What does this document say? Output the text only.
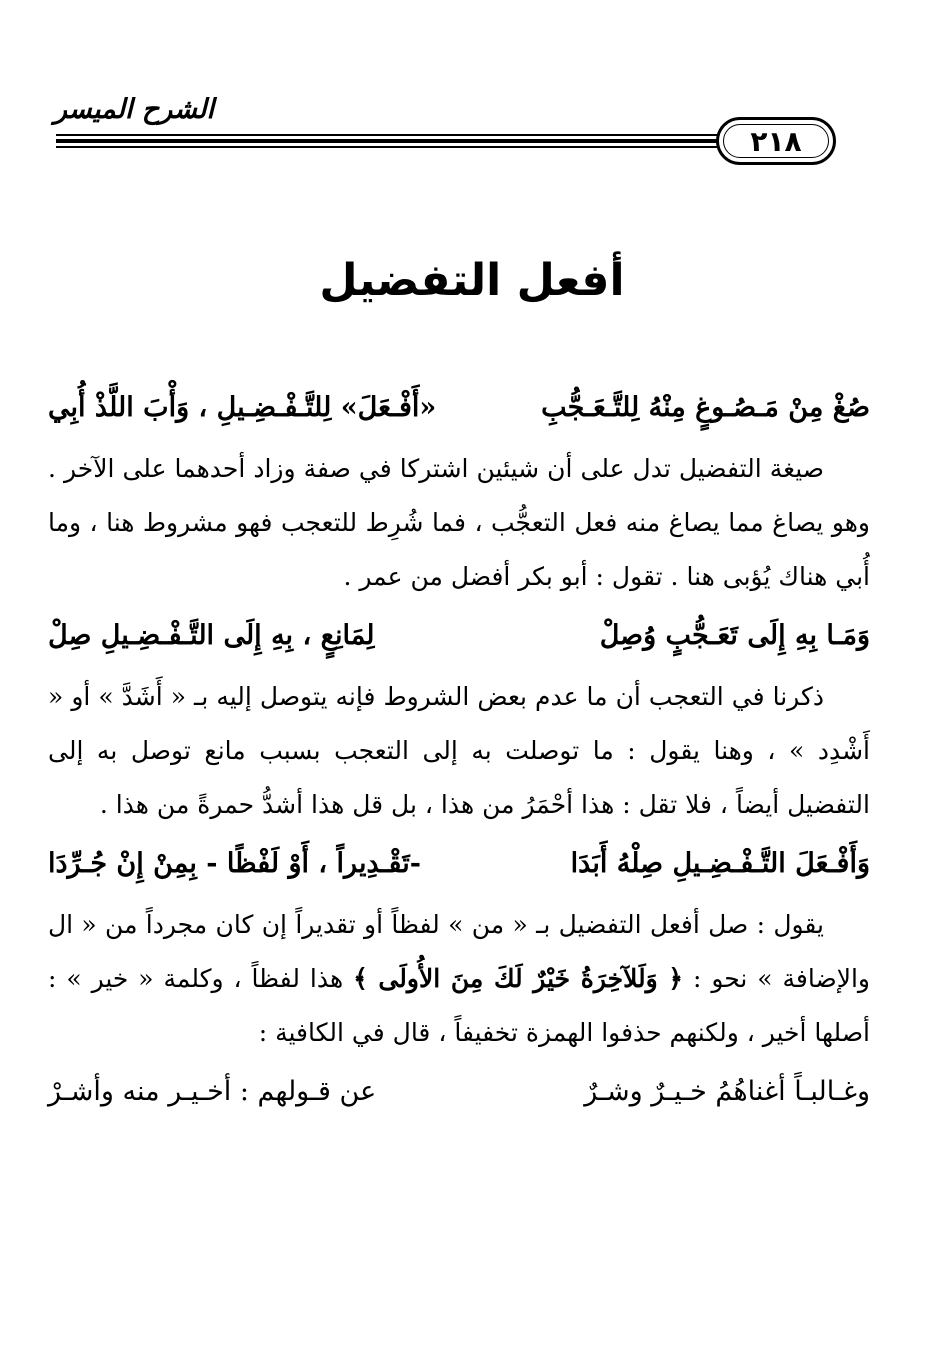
الشرح الميسر
٢١٨
أفعل التفضيل
صُغْ مِنْ مَـصُـوغٍ مِنْهُ لِلتَّـعَـجُّبِ
«أَفْـعَلَ» لِلتَّـفْـضِـيلِ ، وَأْبَ اللَّذْ أُبِي

صيغة التفضيل تدل على أن شيئين اشتركا في صفة وزاد أحدهما على الآخر . وهو يصاغ مما يصاغ منه فعل التعجُّب ، فما شُرِط للتعجب فهو مشروط هنا ، وما أُبي هناك يُؤبى هنا . تقول : أبو بكر أفضل من عمر .

وَمَـا بِهِ إِلَى تَعَـجُّبٍ وُصِلْ
لِمَانِعٍ ، بِهِ إِلَى التَّـفْـضِـيلِ صِلْ

ذكرنا في التعجب أن ما عدم بعض الشروط فإنه يتوصل إليه بـ « أَشَدَّ » أو « أَشْدِد » ، وهنا يقول : ما توصلت به إلى التعجب بسبب مانع توصل به إلى التفضيل أيضاً ، فلا تقل : هذا أحْمَرُ من هذا ، بل قل هذا أشدُّ حمرةً من هذا .

وَأَفْـعَلَ التَّـفْـضِـيلِ صِلْهُ أَبَدَا
-تَقْـدِيراً ، أَوْ لَفْظًا - بِمِنْ إِنْ جُـرِّدَا

يقول : صل أفعل التفضيل بـ « من » لفظاً أو تقديراً إن كان مجرداً من « ال والإضافة » نحو : ﴿ وَلَلآخِرَةُ خَيْرٌ لَكَ مِنَ الأُولَى ﴾ هذا لفظاً ، وكلمة « خير » : أصلها أخير ، ولكنهم حذفوا الهمزة تخفيفاً ، قال في الكافية :

وغـالبـاً أغناهُمُ خـيـرٌ وشـرٌ
عن قـولهم : أخـيـر منه وأشـرْ
